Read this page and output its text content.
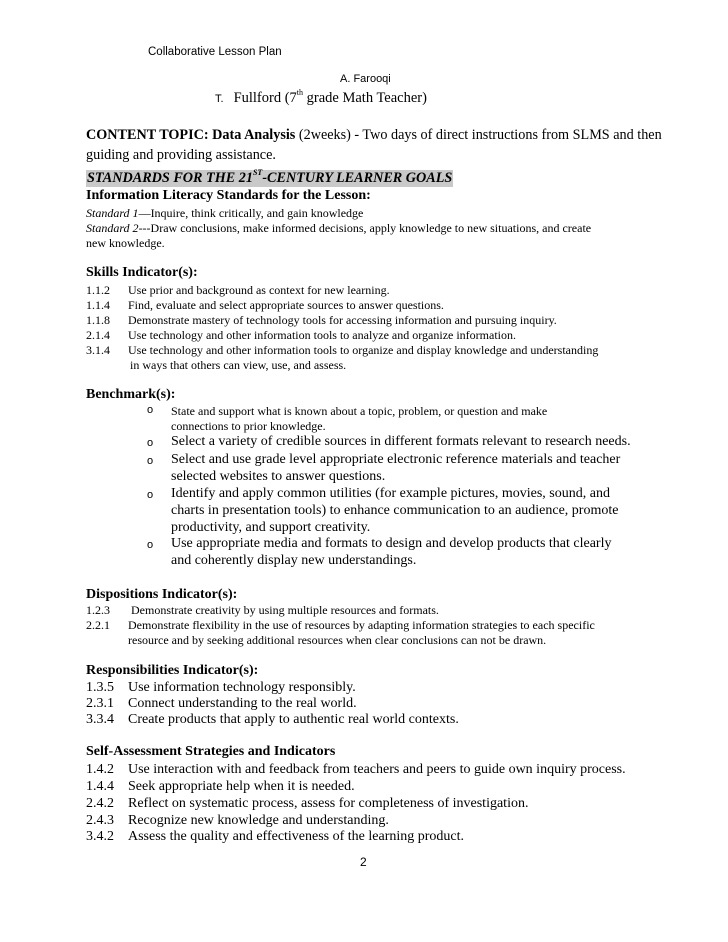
Collaborative Lesson Plan
A. Farooqi
T. Fullford (7th grade Math Teacher)
CONTENT TOPIC: Data Analysis (2weeks) - Two days of direct instructions from SLMS and then guiding and providing assistance.
STANDARDS FOR THE 21ST-CENTURY LEARNER GOALS
Information Literacy Standards for the Lesson:
Standard 1—Inquire, think critically, and gain knowledge
Standard 2---Draw conclusions, make informed decisions, apply knowledge to new situations, and create
new knowledge.
Skills Indicator(s):
1.1.2 Use prior and background as context for new learning.
1.1.4 Find, evaluate and select appropriate sources to answer questions.
1.1.8 Demonstrate mastery of technology tools for accessing information and pursuing inquiry.
2.1.4 Use technology and other information tools to analyze and organize information.
3.1.4 Use technology and other information tools to organize and display knowledge and understanding
in ways that others can view, use, and assess.
Benchmark(s):
o State and support what is known about a topic, problem, or question and make
connections to prior knowledge.
o Select a variety of credible sources in different formats relevant to research needs.
o Select and use grade level appropriate electronic reference materials and teacher
selected websites to answer questions.
o Identify and apply common utilities (for example pictures, movies, sound, and
charts in presentation tools) to enhance communication to an audience, promote
productivity, and support creativity.
o Use appropriate media and formats to design and develop products that clearly
and coherently display new understandings.
Dispositions Indicator(s):
1.2.3 Demonstrate creativity by using multiple resources and formats.
2.2.1 Demonstrate flexibility in the use of resources by adapting information strategies to each specific
resource and by seeking additional resources when clear conclusions can not be drawn.
Responsibilities Indicator(s):
1.3.5 Use information technology responsibly.
2.3.1 Connect understanding to the real world.
3.3.4 Create products that apply to authentic real world contexts.
Self-Assessment Strategies and Indicators
1.4.2 Use interaction with and feedback from teachers and peers to guide own inquiry process.
1.4.4 Seek appropriate help when it is needed.
2.4.2 Reflect on systematic process, assess for completeness of investigation.
2.4.3 Recognize new knowledge and understanding.
3.4.2 Assess the quality and effectiveness of the learning product.
2
